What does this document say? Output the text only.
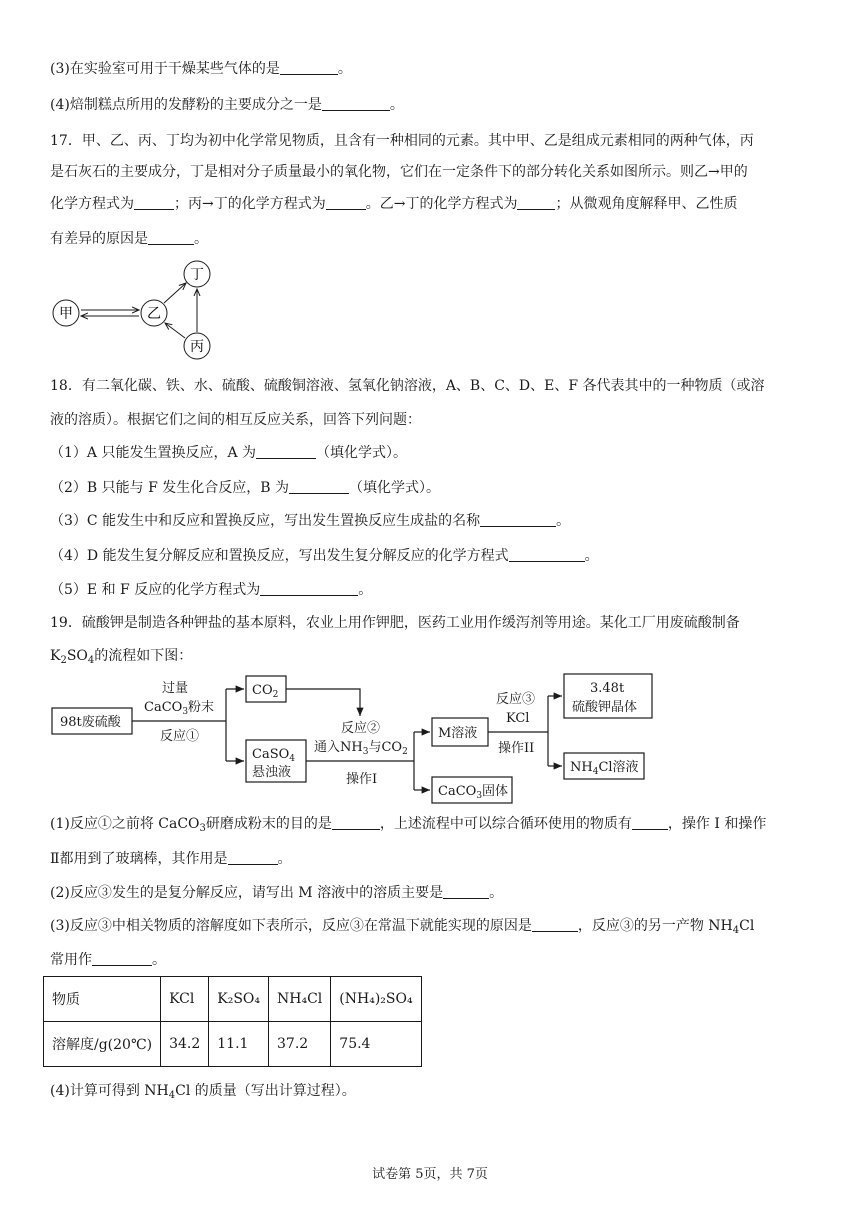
(3)在实验室可用于干燥某些气体的是	。
(4)焙制糕点所用的发酵粉的主要成分之一是	。
17．甲、乙、丙、丁均为初中化学常见物质，且含有一种相同的元素。其中甲、乙是组成元素相同的两种气体，丙
是石灰石的主要成分，丁是相对分子质量最小的氧化物，它们在一定条件下的部分转化关系如图所示。则乙→甲的
化学方程式为	；丙→丁的化学方程式为	。乙→丁的化学方程式为	；从微观角度解释甲、乙性质
有差异的原因是	。
甲	乙
丁
丙
18．有二氧化碳、铁、水、硫酸、硫酸铜溶液、氢氧化钠溶液，A、B、C、D、E、F 各代表其中的一种物质（或溶
液的溶质）。根据它们之间的相互反应关系，回答下列问题：
（1）A 只能发生置换反应，A 为	（填化学式）。
（2）B 只能与 F 发生化合反应，B 为	（填化学式）。
（3）C 能发生中和反应和置换反应，写出发生置换反应生成盐的名称	。
（4）D 能发生复分解反应和置换反应，写出发生复分解反应的化学方程式	。
（5）E 和 F 反应的化学方程式为	。
19．硫酸钾是制造各种钾盐的基本原料，农业上用作钾肥，医药工业用作缓泻剂等用途。某化工厂用废硫酸制备
$K_2SO_4$的流程如下图：
98t废硫酸
过量
CaCO$_3$粉末
反应①
$CO_2$
CaSO$_4$
悬浊液
反应②
通入$NH_3$与$CO_2$
操作I
M溶液
CaCO$_3$固体
反应③
KCl
操作II
3.48t
硫酸钾晶体
$NH_4Cl$溶液
(1)反应①之前将 CaCO$_3$研磨成粉末的目的是	，上述流程中可以综合循环使用的物质有	，操作 I 和操作
Ⅱ都用到了玻璃棒，其作用是	。
(2)反应③发生的是复分解反应，请写出 M 溶液中的溶质主要是	。
(3)反应③中相关物质的溶解度如下表所示，反应③在常温下就能实现的原因是	，反应③的另一产物 $NH_4Cl$
常用作	。
物质	KCl	K₂SO₄	NH₄Cl	(NH₄)₂SO₄
溶解度/g(20℃)	34.2	11.1	37.2	75.4
(4)计算可得到 $NH_4Cl$ 的质量（写出计算过程）。
试卷第 5页，共 7页
